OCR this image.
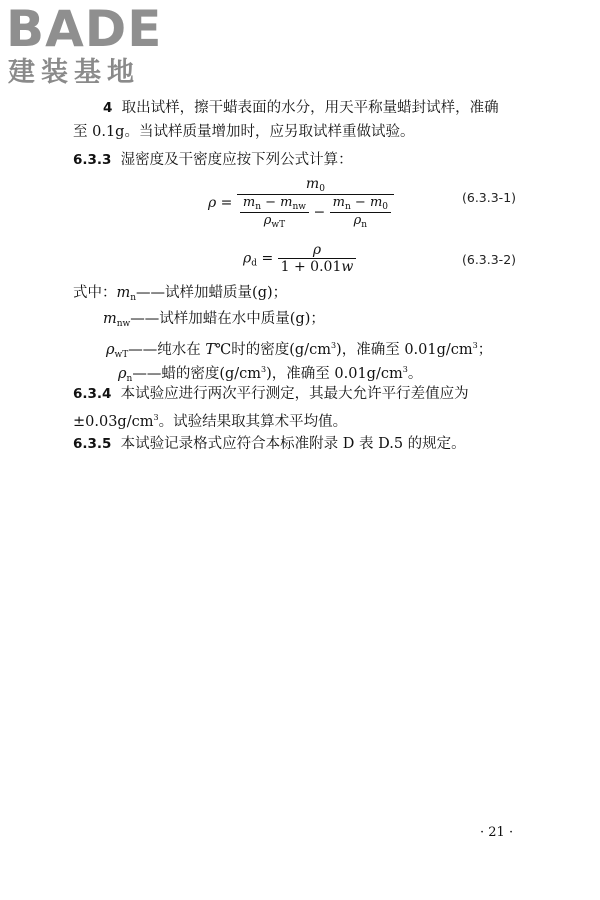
BADE
建装基地
4 取出试样，擦干蜡表面的水分，用天平称量蜡封试样，准确
至 0.1g。当试样质量增加时，应另取试样重做试验。
6.3.3 湿密度及干密度应按下列公式计算：
ρ =
$m_0$
$\frac{m_n - m_{nw}}{\rho_{wT}} - \frac{m_n - m_0}{\rho_n}$	(6.3.3-1)
$\rho_d = \frac{\rho}{1 + 0.01w}$	(6.3.3-2)
式中：$m_n——$试样加蜡质量(g)；
$m_{nw}——$试样加蜡在水中质量(g)；
$\rho_{wT}——$纯水在 T℃时的密度$(g/cm^3)$，准确至 $0.01g/cm^3$；
$\rho_n——$蜡的密度$(g/cm^3)$，准确至 $0.01g/cm^3$。
6.3.4 本试验应进行两次平行测定，其最大允许平行差值应为
$\pm 0.03g/cm^3$。试验结果取其算术平均值。
6.3.5 本试验记录格式应符合本标准附录 D 表 D.5 的规定。
· 21 ·
